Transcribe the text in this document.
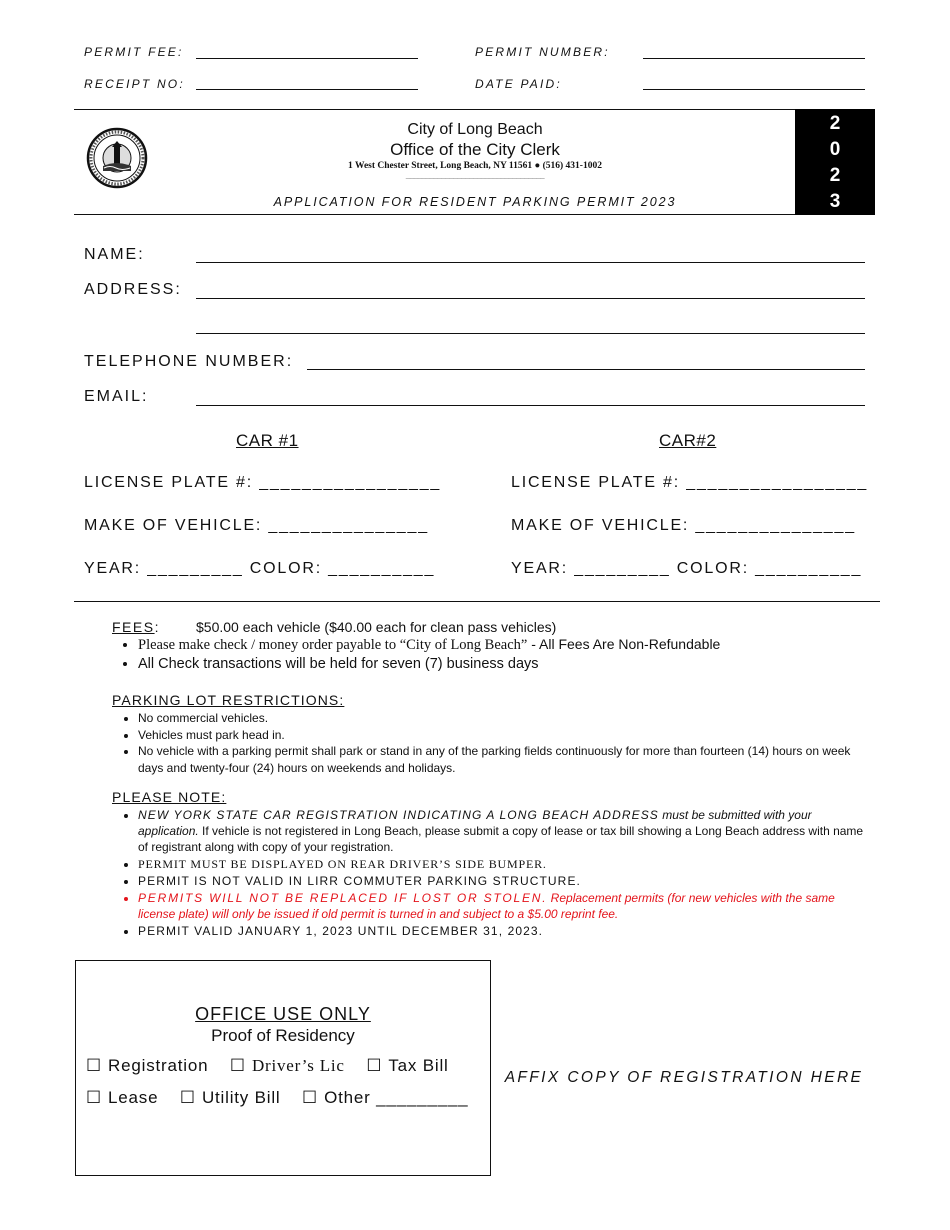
PERMIT FEE:	PERMIT NUMBER:
RECEIPT NO:	DATE PAID:
City of Long Beach
Office of the City Clerk
1 West Chester Street, Long Beach, NY 11561 ● (516) 431-1002
___________________________________
APPLICATION FOR RESIDENT PARKING PERMIT 2023
2
0
2
3
NAME:
ADDRESS:
TELEPHONE NUMBER:
EMAIL:
CAR #1	CAR#2
LICENSE PLATE #: _________________	LICENSE PLATE #: _________________
MAKE OF VEHICLE: _______________	MAKE OF VEHICLE: _______________
YEAR: _________ COLOR: __________	YEAR: _________ COLOR: __________
FEES:	$50.00 each vehicle ($40.00 each for clean pass vehicles)
• Please make check / money order payable to “City of Long Beach” - All Fees Are Non-Refundable
• All Check transactions will be held for seven (7) business days
PARKING LOT RESTRICTIONS:
• No commercial vehicles.
• Vehicles must park head in.
• No vehicle with a parking permit shall park or stand in any of the parking fields continuously for more than fourteen (14) hours on week days and twenty-four (24) hours on weekends and holidays.
PLEASE NOTE:
• NEW YORK STATE CAR REGISTRATION INDICATING A LONG BEACH ADDRESS must be submitted with your application. If vehicle is not registered in Long Beach, please submit a copy of lease or tax bill showing a Long Beach address with name of registrant along with copy of your registration.
• PERMIT MUST BE DISPLAYED ON REAR DRIVER’S SIDE BUMPER.
• PERMIT IS NOT VALID IN LIRR COMMUTER PARKING STRUCTURE.
• PERMITS WILL NOT BE REPLACED IF LOST OR STOLEN. Replacement permits (for new vehicles with the same license plate) will only be issued if old permit is turned in and subject to a $5.00 reprint fee.
• PERMIT VALID JANUARY 1, 2023 UNTIL DECEMBER 31, 2023.
OFFICE USE ONLY
Proof of Residency
☐ Registration ☐ Driver’s Lic ☐ Tax Bill
☐ Lease ☐ Utility Bill ☐ Other _________
AFFIX COPY OF REGISTRATION HERE
